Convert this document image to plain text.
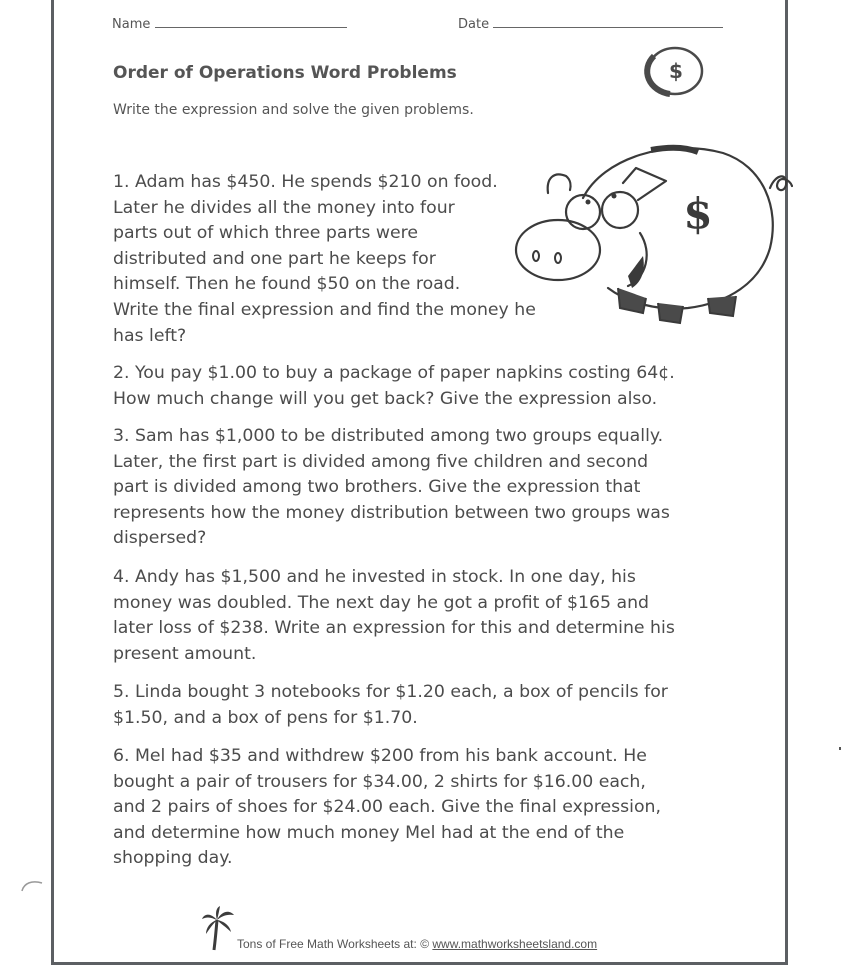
Name	Date
Order of Operations Word Problems
Write the expression and solve the given problems.
$
$
1. Adam has $450. He spends $210 on food.
Later he divides all the money into four
parts out of which three parts were
distributed and one part he keeps for
himself. Then he found $50 on the road.
Write the final expression and find the money he
has left?
2. You pay $1.00 to buy a package of paper napkins costing 64¢.
How much change will you get back? Give the expression also.
3. Sam has $1,000 to be distributed among two groups equally.
Later, the first part is divided among five children and second
part is divided among two brothers. Give the expression that
represents how the money distribution between two groups was
dispersed?
4. Andy has $1,500 and he invested in stock. In one day, his
money was doubled. The next day he got a profit of $165 and
later loss of $238. Write an expression for this and determine his
present amount.
5. Linda bought 3 notebooks for $1.20 each, a box of pencils for
$1.50, and a box of pens for $1.70.
6. Mel had $35 and withdrew $200 from his bank account. He
bought a pair of trousers for $34.00, 2 shirts for $16.00 each,
and 2 pairs of shoes for $24.00 each. Give the final expression,
and determine how much money Mel had at the end of the
shopping day.
Tons of Free Math Worksheets at: © www.mathworksheetsland.com
